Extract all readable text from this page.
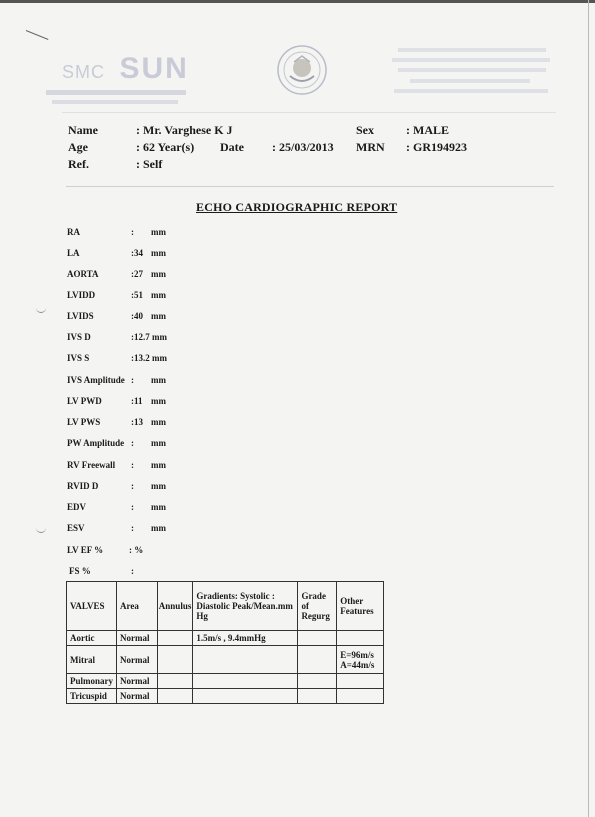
SMC SUN
Name	: Mr. Varghese K J	Sex	: MALE
Age	: 62 Year(s) Date : 25/03/2013 MRN : GR194923
Ref.	: Self
ECHO CARDIOGRAPHIC REPORT
RA	: mm
LA	:34 mm
AORTA	:27 mm
LVIDD	:51 mm
LVIDS	:40 mm
IVS D	:12.7 mm
IVS S	:13.2 mm
IVS Amplitude : mm
LV PWD	:11 mm
LV PWS	:13 mm
PW Amplitude : mm
RV Freewall : mm
RVID D	: mm
EDV	: mm
ESV	: mm
LV EF %	: %
FS %	:
VALVES	Area	Annulus	Gradients: Systolic : Diastolic Peak/Mean.mm Hg	Grade of Regurg	Other Features
Aortic	Normal		1.5m/s , 9.4mmHg		
Mitral	Normal				E=96m/s A=44m/s
Pulmonary	Normal				
Tricuspid	Normal				
